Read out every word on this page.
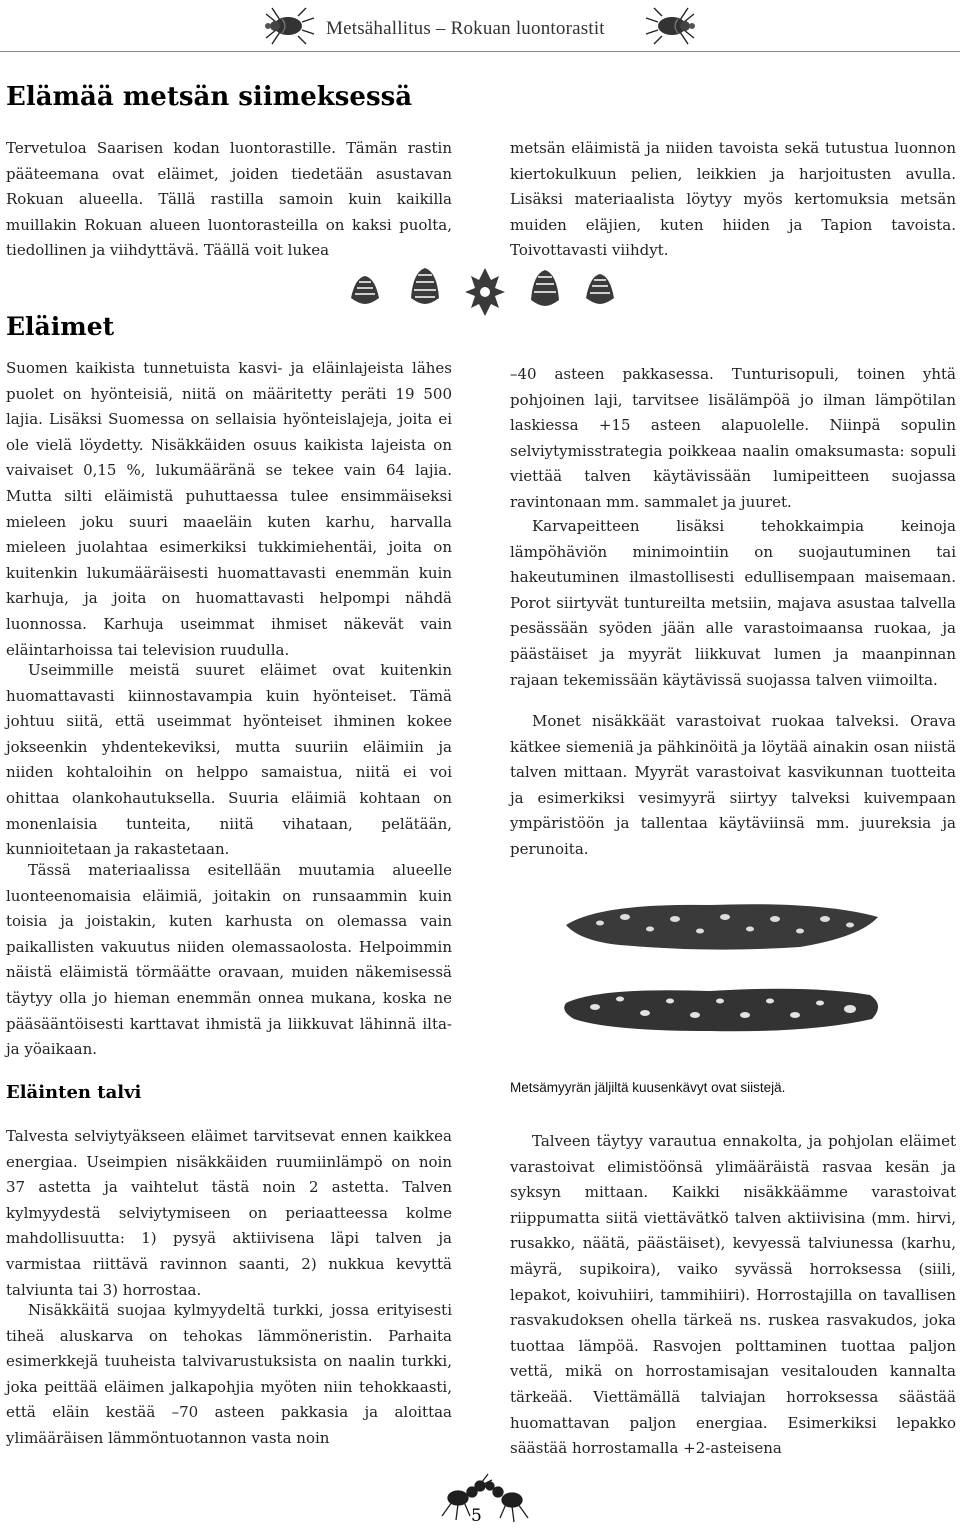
Metsähallitus – Rokuan luontorastit
Elämää metsän siimeksessä

Tervetuloa Saarisen kodan luontorastille. Tämän rastin pääteemana ovat eläimet, joiden tiedetään asustavan Rokuan alueella. Tällä rastilla samoin kuin kaikilla muillakin Rokuan alueen luontorasteilla on kaksi puolta, tiedollinen ja viihdyttävä. Täällä voit lukea

metsän eläimistä ja niiden tavoista sekä tutustua luonnon kiertokulkuun pelien, leikkien ja harjoitusten avulla. Lisäksi materiaalista löytyy myös kertomuksia metsän muiden eläjien, kuten hiiden ja Tapion tavoista. Toivottavasti viihdyt.

Eläimet

Suomen kaikista tunnetuista kasvi- ja eläinlajeista lähes puolet on hyönteisiä, niitä on määritetty peräti 19 500 lajia. Lisäksi Suomessa on sellaisia hyönteislajeja, joita ei ole vielä löydetty. Nisäkkäiden osuus kaikista lajeista on vaivaiset 0,15 %, lukumääränä se tekee vain 64 lajia. Mutta silti eläimistä puhuttaessa tulee ensimmäiseksi mieleen joku suuri maaeläin kuten karhu, harvalla mieleen juolahtaa esimerkiksi tukkimiehentäi, joita on kuitenkin lukumääräisesti huomattavasti enemmän kuin karhuja, ja joita on huomattavasti helpompi nähdä luonnossa. Karhuja useimmat ihmiset näkevät vain eläintarhoissa tai television ruudulla.

Useimmille meistä suuret eläimet ovat kuitenkin huomattavasti kiinnostavampia kuin hyönteiset. Tämä johtuu siitä, että useimmat hyönteiset ihminen kokee jokseenkin yhdentekeviksi, mutta suuriin eläimiin ja niiden kohtaloihin on helppo samaistua, niitä ei voi ohittaa olankohautuksella. Suuria eläimiä kohtaan on monenlaisia tunteita, niitä vihataan, pelätään, kunnioitetaan ja rakastetaan.

Tässä materiaalissa esitellään muutamia alueelle luonteenomaisia eläimiä, joitakin on runsaammin kuin toisia ja joistakin, kuten karhusta on olemassa vain paikallisten vakuutus niiden olemassaolosta. Helpoimmin näistä eläimistä törmäätte oravaan, muiden näkemisessä täytyy olla jo hieman enemmän onnea mukana, koska ne pääsääntöisesti karttavat ihmistä ja liikkuvat lähinnä ilta- ja yöaikaan.

Eläinten talvi

Talvesta selviytyäkseen eläimet tarvitsevat ennen kaikkea energiaa. Useimpien nisäkkäiden ruumiinlämpö on noin 37 astetta ja vaihtelut tästä noin 2 astetta. Talven kylmyydestä selviytymiseen on periaatteessa kolme mahdollisuutta: 1) pysyä aktiivisena läpi talven ja varmistaa riittävä ravinnon saanti, 2) nukkua kevyttä talviunta tai 3) horrostaa.

Nisäkkäitä suojaa kylmyydeltä turkki, jossa erityisesti tiheä aluskarva on tehokas lämmöneristin. Parhaita esimerkkejä tuuheista talvivarustuksista on naalin turkki, joka peittää eläimen jalkapohjia myöten niin tehokkaasti, että eläin kestää –70 asteen pakkasia ja aloittaa ylimääräisen lämmöntuotannon vasta noin

–40 asteen pakkasessa. Tunturisopuli, toinen yhtä pohjoinen laji, tarvitsee lisälämpöä jo ilman lämpötilan laskiessa +15 asteen alapuolelle. Niinpä sopulin selviytymisstrategia poikkeaa naalin omaksumasta: sopuli viettää talven käytävissään lumipeitteen suojassa ravintonaan mm. sammalet ja juuret.

Karvapeitteen lisäksi tehokkaimpia keinoja lämpöhäviön minimointiin on suojautuminen tai hakeutuminen ilmastollisesti edullisempaan maisemaan. Porot siirtyvät tuntureilta metsiin, majava asustaa talvella pesässään syöden jään alle varastoimaansa ruokaa, ja päästäiset ja myyrät liikkuvat lumen ja maanpinnan rajaan tekemissään käytävissä suojassa talven viimoilta.

Monet nisäkkäät varastoivat ruokaa talveksi. Orava kätkee siemeniä ja pähkinöitä ja löytää ainakin osan niistä talven mittaan. Myyrät varastoivat kasvikunnan tuotteita ja esimerkiksi vesimyyrä siirtyy talveksi kuivempaan ympäristöön ja tallentaa käytäviinsä mm. juureksia ja perunoita.

Metsämyyrän jäljiltä kuusenkävyt ovat siistejä.

Talveen täytyy varautua ennakolta, ja pohjolan eläimet varastoivat elimistöönsä ylimääräistä rasvaa kesän ja syksyn mittaan. Kaikki nisäkkäämme varastoivat riippumatta siitä viettävätkö talven aktiivisina (mm. hirvi, rusakko, näätä, päästäiset), kevyessä talviunessa (karhu, mäyrä, supikoira), vaiko syvässä horroksessa (siili, lepakot, koivuhiiri, tammihiiri). Horrostajilla on tavallisen rasvakudoksen ohella tärkeä ns. ruskea rasvakudos, joka tuottaa lämpöä. Rasvojen polttaminen tuottaa paljon vettä, mikä on horrostamisajan vesitalouden kannalta tärkeää. Viettämällä talviajan horroksessa säästää huomattavan paljon energiaa. Esimerkiksi lepakko säästää horrostamalla +2-asteisena

5
